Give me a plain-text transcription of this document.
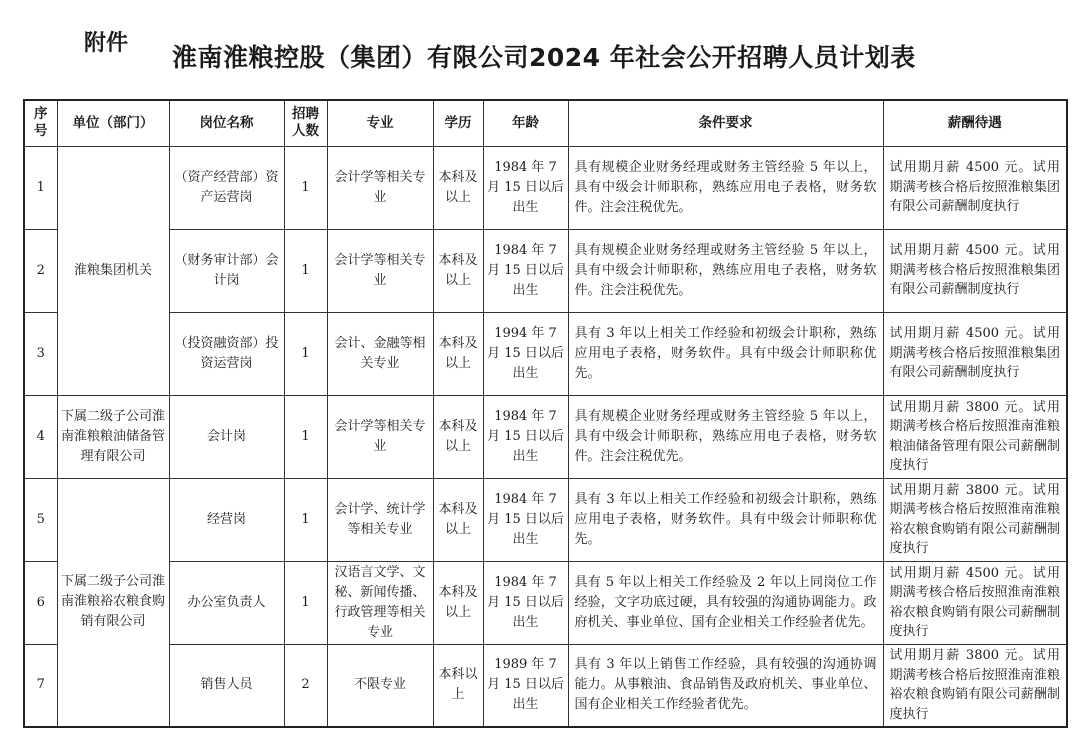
附件 淮南淮粮控股（集团）有限公司2024 年社会公开招聘人员计划表
序号	单位（部门）	岗位名称	招聘人数	专业	学历	年龄	条件要求	薪酬待遇
1	淮粮集团机关	（资产经营部）资产运营岗	1	会计学等相关专业	本科及以上	1984 年 7 月 15 日以后出生	具有规模企业财务经理或财务主管经验 5 年以上，具有中级会计师职称，熟练应用电子表格，财务软件。注会注税优先。	试用期月薪 4500 元。试用期满考核合格后按照淮粮集团有限公司薪酬制度执行
2		（财务审计部）会计岗	1	会计学等相关专业	本科及以上	1984 年 7 月 15 日以后出生	具有规模企业财务经理或财务主管经验 5 年以上，具有中级会计师职称，熟练应用电子表格，财务软件。注会注税优先。	试用期月薪 4500 元。试用期满考核合格后按照淮粮集团有限公司薪酬制度执行
3		（投资融资部）投资运营岗	1	会计、金融等相关专业	本科及以上	1994 年 7 月 15 日以后出生	具有 3 年以上相关工作经验和初级会计职称，熟练应用电子表格，财务软件。具有中级会计师职称优先。	试用期月薪 4500 元。试用期满考核合格后按照淮粮集团有限公司薪酬制度执行
4	下属二级子公司淮南淮粮粮油储备管理有限公司	会计岗	1	会计学等相关专业	本科及以上	1984 年 7 月 15 日以后出生	具有规模企业财务经理或财务主管经验 5 年以上，具有中级会计师职称，熟练应用电子表格，财务软件。注会注税优先。	试用期月薪 3800 元。试用期满考核合格后按照淮南淮粮粮油储备管理有限公司薪酬制度执行
5	下属二级子公司淮南淮粮裕农粮食购销有限公司	经营岗	1	会计学、统计学等相关专业	本科及以上	1984 年 7 月 15 日以后出生	具有 3 年以上相关工作经验和初级会计职称，熟练应用电子表格，财务软件。具有中级会计师职称优先。	试用期月薪 3800 元。试用期满考核合格后按照淮南淮粮裕农粮食购销有限公司薪酬制度执行
6		办公室负责人	1	汉语言文学、文秘、新闻传播、行政管理等相关专业	本科及以上	1984 年 7 月 15 日以后出生	具有 5 年以上相关工作经验及 2 年以上同岗位工作经验，文字功底过硬，具有较强的沟通协调能力。政府机关、事业单位、国有企业相关工作经验者优先。	试用期月薪 4500 元。试用期满考核合格后按照淮南淮粮裕农粮食购销有限公司薪酬制度执行
7		销售人员	2	不限专业	本科以上	1989 年 7 月 15 日以后出生	具有 3 年以上销售工作经验，具有较强的沟通协调能力。从事粮油、食品销售及政府机关、事业单位、国有企业相关工作经验者优先。	试用期月薪 3800 元。试用期满考核合格后按照淮南淮粮裕农粮食购销有限公司薪酬制度执行
